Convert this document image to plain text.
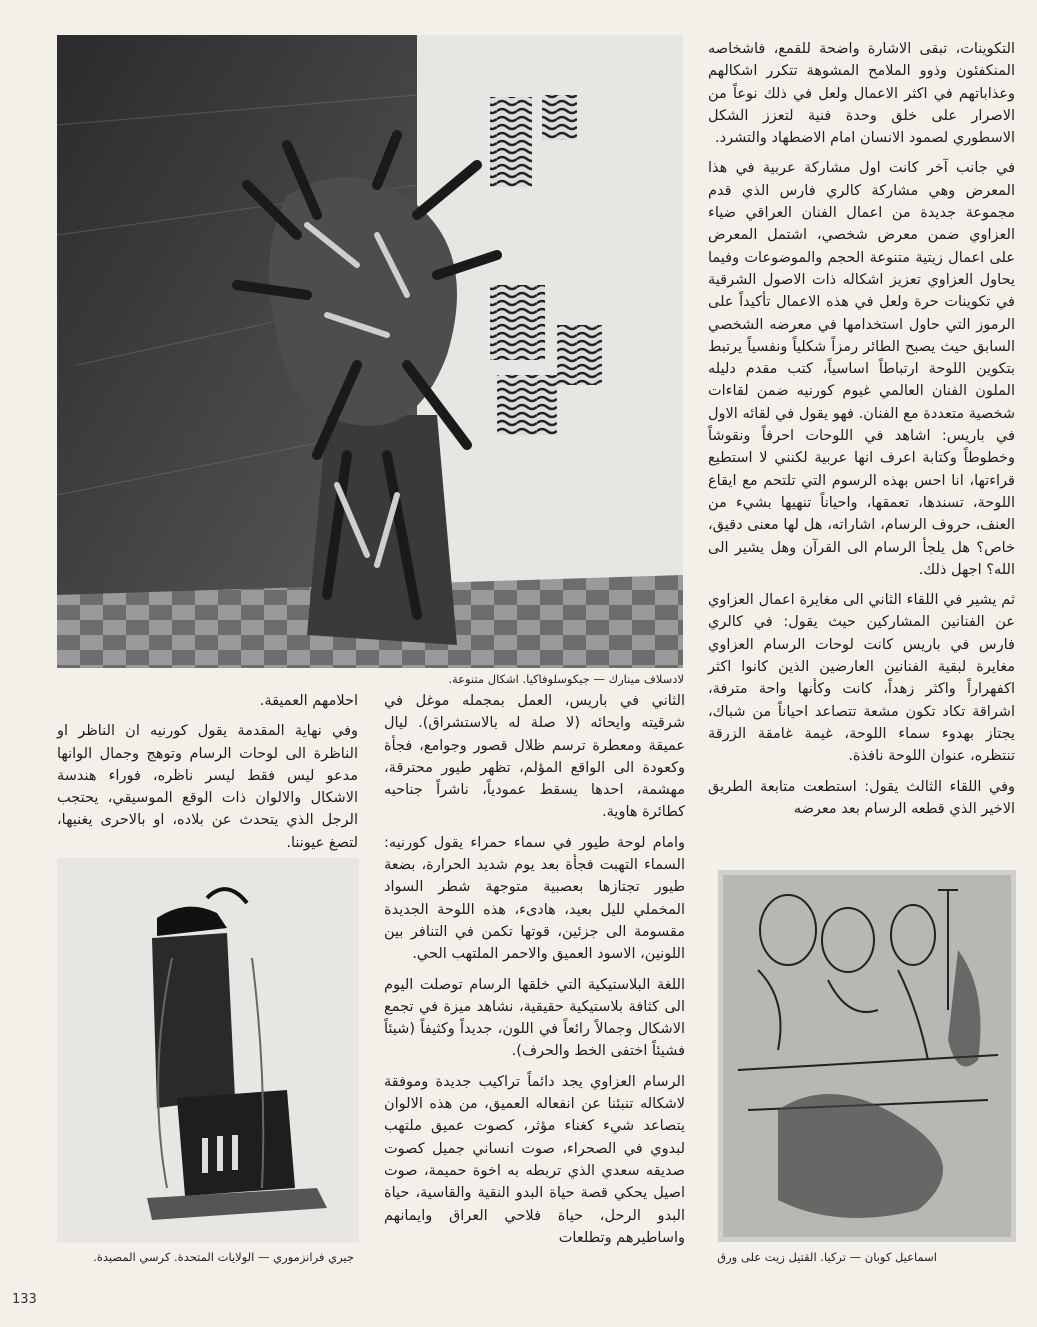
التكوينات، تبقى الاشارة واضحة للقمع، فاشخاصه المنكفئون وذوو الملامح المشوهة تتكرر اشكالهم وعذاباتهم في اكثر الاعمال ولعل في ذلك نوعاً من الاصرار على خلق وحدة فنية لتعزز الشكل الاسطوري لصمود الانسان امام الاضطهاد والتشرد.

في جانب آخر كانت اول مشاركة عربية في هذا المعرض وهي مشاركة كالري فارس الذي قدم مجموعة جديدة من اعمال الفنان العراقي ضياء العزاوي ضمن معرض شخصي، اشتمل المعرض على اعمال زيتية متنوعة الحجم والموضوعات وفيما يحاول العزاوي تعزيز اشكاله ذات الاصول الشرقية في تكوينات حرة ولعل في هذه الاعمال تأكيداً على الرموز التي حاول استخدامها في معرضه الشخصي السابق حيث يصبح الطائر رمزاً شكلياً ونفسياً يرتبط بتكوين اللوحة ارتباطاً اساسياً، كتب مقدم دليله الملون الفنان العالمي غيوم كورنيه ضمن لقاءات شخصية متعددة مع الفنان. فهو يقول في لقائه الاول في باريس: اشاهد في اللوحات احرفاً ونقوشاً وخطوطاً وكتابة اعرف انها عربية لكنني لا استطيع قراءتها، انا احس بهذه الرسوم التي تلتحم مع ايقاع اللوحة، تسندها، تعمقها، واحياناً تنهيها بشيء من العنف، حروف الرسام، اشاراته، هل لها معنى دقيق، خاص؟ هل يلجأ الرسام الى القرآن وهل يشير الى الله؟ اجهل ذلك.

ثم يشير في اللقاء الثاني الى مغايرة اعمال العزاوي عن الفنانين المشاركين حيث يقول: في كالري فارس في باريس كانت لوحات الرسام العزاوي مغايرة لبقية الفنانين العارضين الذين كانوا اكثر اكفهراراً واكثر زهداً، كانت وكأنها واحة مترفة، اشراقة تكاد تكون مشعة تتصاعد احياناً من شباك، يجتاز بهدوء سماء اللوحة، غيمة غامقة الزرقة تنتظره، عنوان اللوحة نافذة.

وفي اللقاء الثالث يقول: استطعت متابعة الطريق الاخير الذي قطعه الرسام بعد معرضه

لادسلاف مينارك — جيكوسلوفاكيا. اشكال متنوعة.

الثاني في باريس، العمل بمجمله موغل في شرقيته وايحائه (لا صلة له بالاستشراق). ليال عميقة ومعطرة ترسم ظلال قصور وجوامع، فجأة وكعودة الى الواقع المؤلم، تظهر طيور محترقة، مهشمة، احدها يسقط عمودياً، ناشراً جناحيه كطائرة هاوية.

وامام لوحة طيور في سماء حمراء يقول كورنيه: السماء التهبت فجأة بعد يوم شديد الحرارة، بضعة طيور تجتازها بعصبية متوجهة شطر السواد المخملي لليل بعيد، هادىء، هذه اللوحة الجديدة مقسومة الى جزئين، قوتها تكمن في التنافر بين اللونين، الاسود العميق والاحمر الملتهب الحي.

اللغة البلاستيكية التي خلقها الرسام توصلت اليوم الى كثافة بلاستيكية حقيقية، نشاهد ميزة في تجمع الاشكال وجمالاً رائعاً في اللون، جديداً وكثيفاً (شيئاً فشيئاً اختفى الخط والحرف).

الرسام العزاوي يجد دائماً تراكيب جديدة وموفقة لاشكاله تنبئنا عن انفعاله العميق، من هذه الالوان يتصاعد شيء كغناء مؤثر، كصوت عميق ملتهب لبدوي في الصحراء، صوت انساني جميل كصوت صديقه سعدي الذي تربطه به اخوة حميمة، صوت اصيل يحكي قصة حياة البدو النقية والقاسية، حياة البدو الرحل، حياة فلاحي العراق وايمانهم واساطيرهم وتطلعات

احلامهم العميقة.

وفي نهاية المقدمة يقول كورنيه ان الناظر او الناظرة الى لوحات الرسام وتوهج وجمال الوانها مدعو ليس فقط ليسر ناظره، فوراء هندسة الاشكال والالوان ذات الوقع الموسيقي، يحتجب الرجل الذي يتحدث عن بلاده، او بالاحرى يغنيها، لتصغ عيوننا.

اسماعيل كوبان — تركيا. القتيل زيت على ورق
جيري فرانزموري — الولايات المتحدة. كرسي المصيدة.
133
